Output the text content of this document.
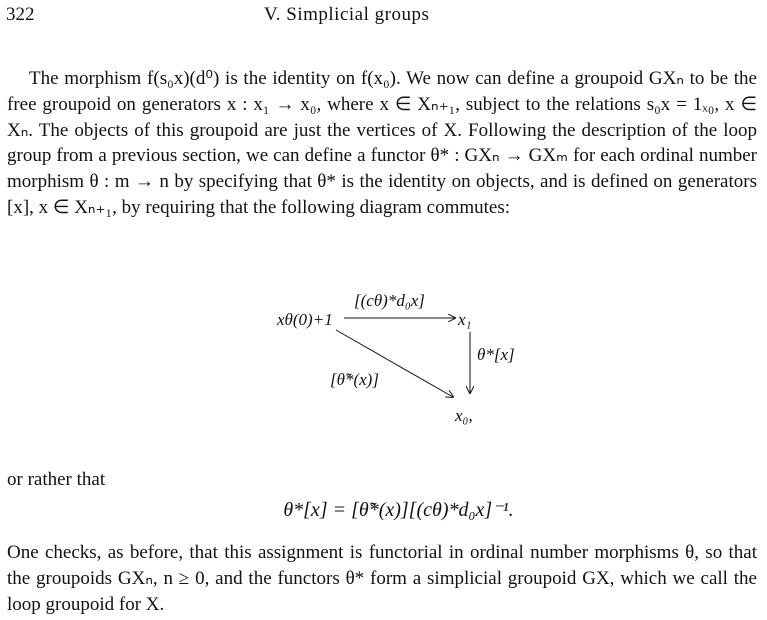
322	V. Simplicial groups

The morphism f(s₀x)(d⁰) is the identity on f(x₀). We now can define a groupoid GXₙ to be the free groupoid on generators x : x₁ → x₀, where x ∈ Xₙ₊₁, subject to the relations s₀x = 1ₓ₀, x ∈ Xₙ. The objects of this groupoid are just the vertices of X. Following the description of the loop group from a previous section, we can define a functor θ* : GXₙ → GXₘ for each ordinal number morphism θ : m → n by specifying that θ* is the identity on objects, and is defined on generators [x], x ∈ Xₙ₊₁, by requiring that the following diagram commutes:

xθ(0)+1	x₁
x₀,
[(cθ)*d₀x]
θ*[x]
[θ̃*(x)]

or rather that

θ*[x] = [θ̃*(x)][(cθ)*d₀x]⁻¹.

One checks, as before, that this assignment is functorial in ordinal number morphisms θ, so that the groupoids GXₙ, n ≥ 0, and the functors θ* form a simplicial groupoid GX, which we call the loop groupoid for X.
